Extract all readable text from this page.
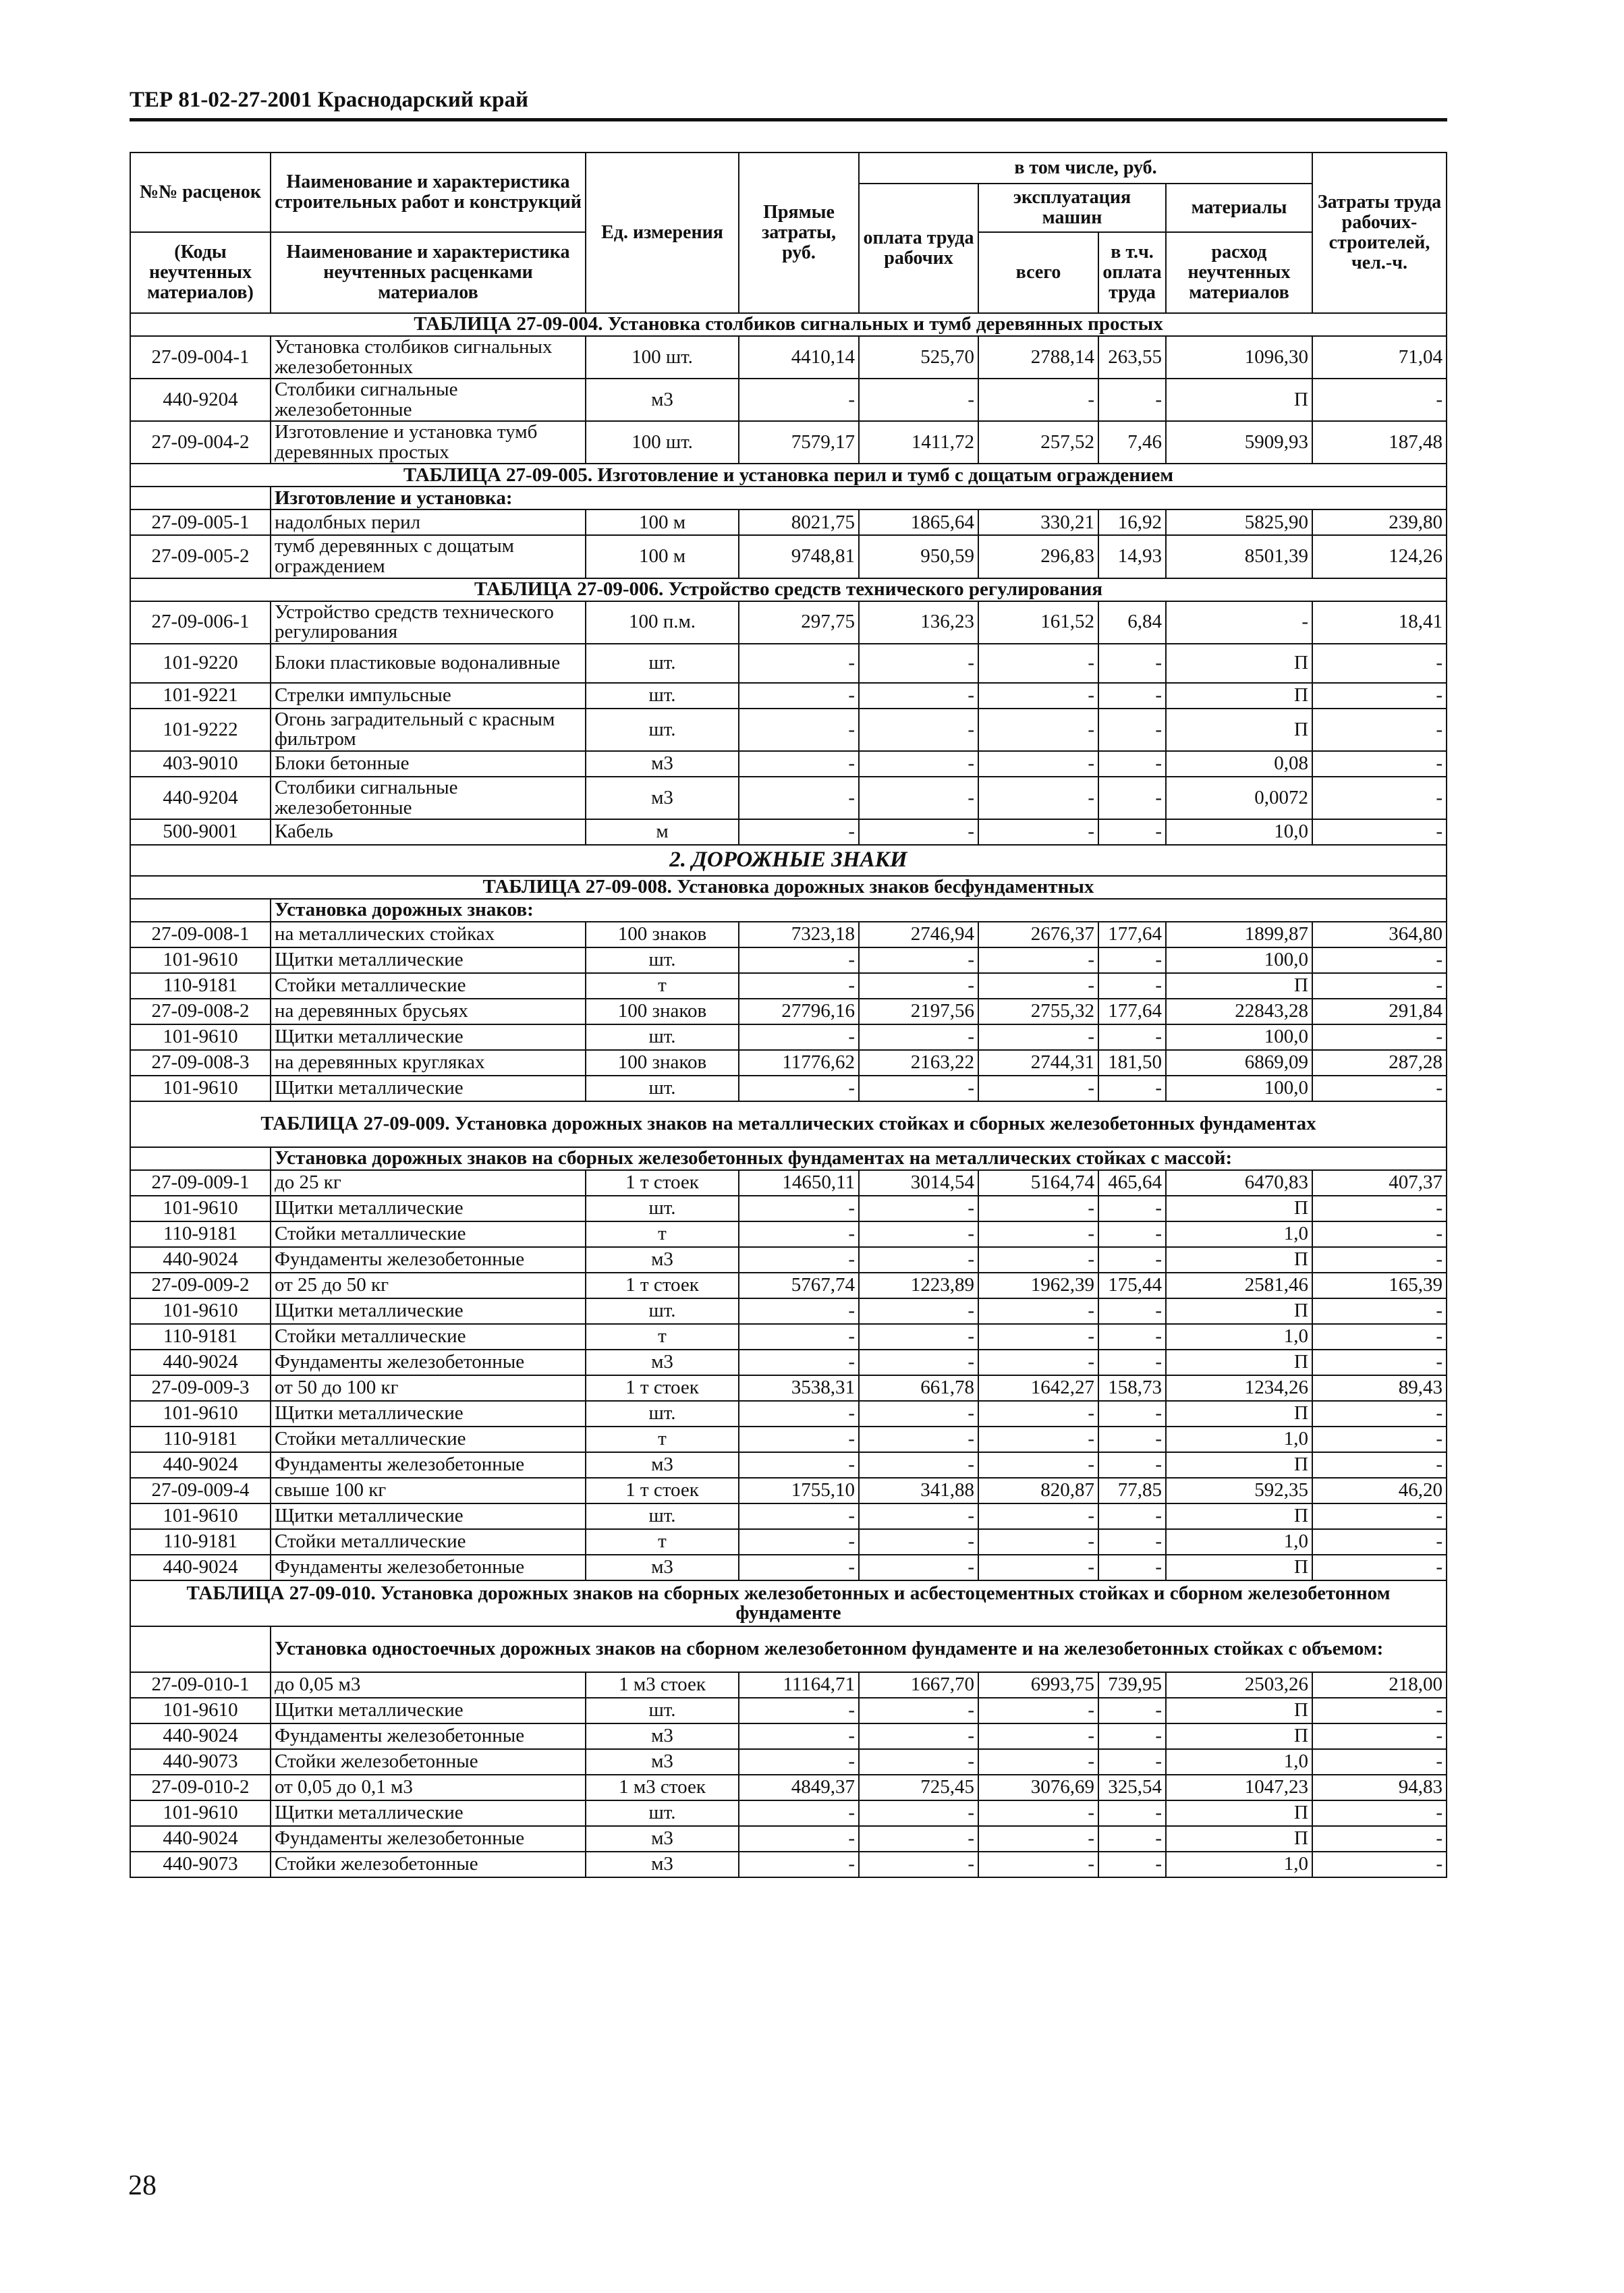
ТЕР 81-02-27-2001 Краснодарский край
№№ расценок	Наименование и характеристика строительных работ и конструкций	Ед. измерения	Прямые затраты, руб.	в том числе, руб.				Затраты труда рабочих-строителей, чел.-ч.
				оплата труда рабочих	эксплуатация машин		материалы	

(Коды неучтенных материалов)	Наименование и характеристика неучтенных расценками материалов				всего	в т.ч. оплата труда	расход неучтенных материалов	

ТАБЛИЦА 27-09-004. Установка столбиков сигнальных и тумб деревянных простых								
27-09-004-1	Установка столбиков сигнальных железобетонных	100 шт.	4410,14	525,70	2788,14	263,55	1096,30	71,04
440-9204	Столбики сигнальные железобетонные	м3	-	-	-	-	П	-
27-09-004-2	Изготовление и установка тумб деревянных простых	100 шт.	7579,17	1411,72	257,52	7,46	5909,93	187,48
ТАБЛИЦА 27-09-005. Изготовление и установка перил и тумб с дощатым ограждением								
	Изготовление и установка:							
27-09-005-1	надолбных перил	100 м	8021,75	1865,64	330,21	16,92	5825,90	239,80
27-09-005-2	тумб деревянных с дощатым ограждением	100 м	9748,81	950,59	296,83	14,93	8501,39	124,26
ТАБЛИЦА 27-09-006. Устройство средств технического регулирования								
27-09-006-1	Устройство средств технического регулирования	100 п.м.	297,75	136,23	161,52	6,84	-	18,41
101-9220	Блоки пластиковые водоналивные	шт.	-	-	-	-	П	-
101-9221	Стрелки импульсные	шт.	-	-	-	-	П	-
101-9222	Огонь заградительный с красным фильтром	шт.	-	-	-	-	П	-
403-9010	Блоки бетонные	м3	-	-	-	-	0,08	-
440-9204	Столбики сигнальные железобетонные	м3	-	-	-	-	0,0072	-
500-9001	Кабель	м	-	-	-	-	10,0	-
2. ДОРОЖНЫЕ ЗНАКИ								
ТАБЛИЦА 27-09-008. Установка дорожных знаков бесфундаментных								
	Установка дорожных знаков:							
27-09-008-1	на металлических стойках	100 знаков	7323,18	2746,94	2676,37	177,64	1899,87	364,80
101-9610	Щитки металлические	шт.	-	-	-	-	100,0	-
110-9181	Стойки металлические	т	-	-	-	-	П	-
27-09-008-2	на деревянных брусьях	100 знаков	27796,16	2197,56	2755,32	177,64	22843,28	291,84
101-9610	Щитки металлические	шт.	-	-	-	-	100,0	-
27-09-008-3	на деревянных кругляках	100 знаков	11776,62	2163,22	2744,31	181,50	6869,09	287,28
101-9610	Щитки металлические	шт.	-	-	-	-	100,0	-
ТАБЛИЦА 27-09-009. Установка дорожных знаков на металлических стойках и сборных железобетонных фундаментах								
	Установка дорожных знаков на сборных железобетонных фундаментах на металлических стойках с массой:							
27-09-009-1	до 25 кг	1 т стоек	14650,11	3014,54	5164,74	465,64	6470,83	407,37
101-9610	Щитки металлические	шт.	-	-	-	-	П	-
110-9181	Стойки металлические	т	-	-	-	-	1,0	-
440-9024	Фундаменты железобетонные	м3	-	-	-	-	П	-
27-09-009-2	от 25 до 50 кг	1 т стоек	5767,74	1223,89	1962,39	175,44	2581,46	165,39
101-9610	Щитки металлические	шт.	-	-	-	-	П	-
110-9181	Стойки металлические	т	-	-	-	-	1,0	-
440-9024	Фундаменты железобетонные	м3	-	-	-	-	П	-
27-09-009-3	от 50 до 100 кг	1 т стоек	3538,31	661,78	1642,27	158,73	1234,26	89,43
101-9610	Щитки металлические	шт.	-	-	-	-	П	-
110-9181	Стойки металлические	т	-	-	-	-	1,0	-
440-9024	Фундаменты железобетонные	м3	-	-	-	-	П	-
27-09-009-4	свыше 100 кг	1 т стоек	1755,10	341,88	820,87	77,85	592,35	46,20
101-9610	Щитки металлические	шт.	-	-	-	-	П	-
110-9181	Стойки металлические	т	-	-	-	-	1,0	-
440-9024	Фундаменты железобетонные	м3	-	-	-	-	П	-
ТАБЛИЦА 27-09-010. Установка дорожных знаков на сборных железобетонных и асбестоцементных стойках и сборном железобетонном фундаменте								
	Установка одностоечных дорожных знаков на сборном железобетонном фундаменте и на железобетонных стойках с объемом:							
27-09-010-1	до 0,05 м3	1 м3 стоек	11164,71	1667,70	6993,75	739,95	2503,26	218,00
101-9610	Щитки металлические	шт.	-	-	-	-	П	-
440-9024	Фундаменты железобетонные	м3	-	-	-	-	П	-
440-9073	Стойки железобетонные	м3	-	-	-	-	1,0	-
27-09-010-2	от 0,05 до 0,1 м3	1 м3 стоек	4849,37	725,45	3076,69	325,54	1047,23	94,83
101-9610	Щитки металлические	шт.	-	-	-	-	П	-
440-9024	Фундаменты железобетонные	м3	-	-	-	-	П	-
440-9073	Стойки железобетонные	м3	-	-	-	-	1,0	-
28
